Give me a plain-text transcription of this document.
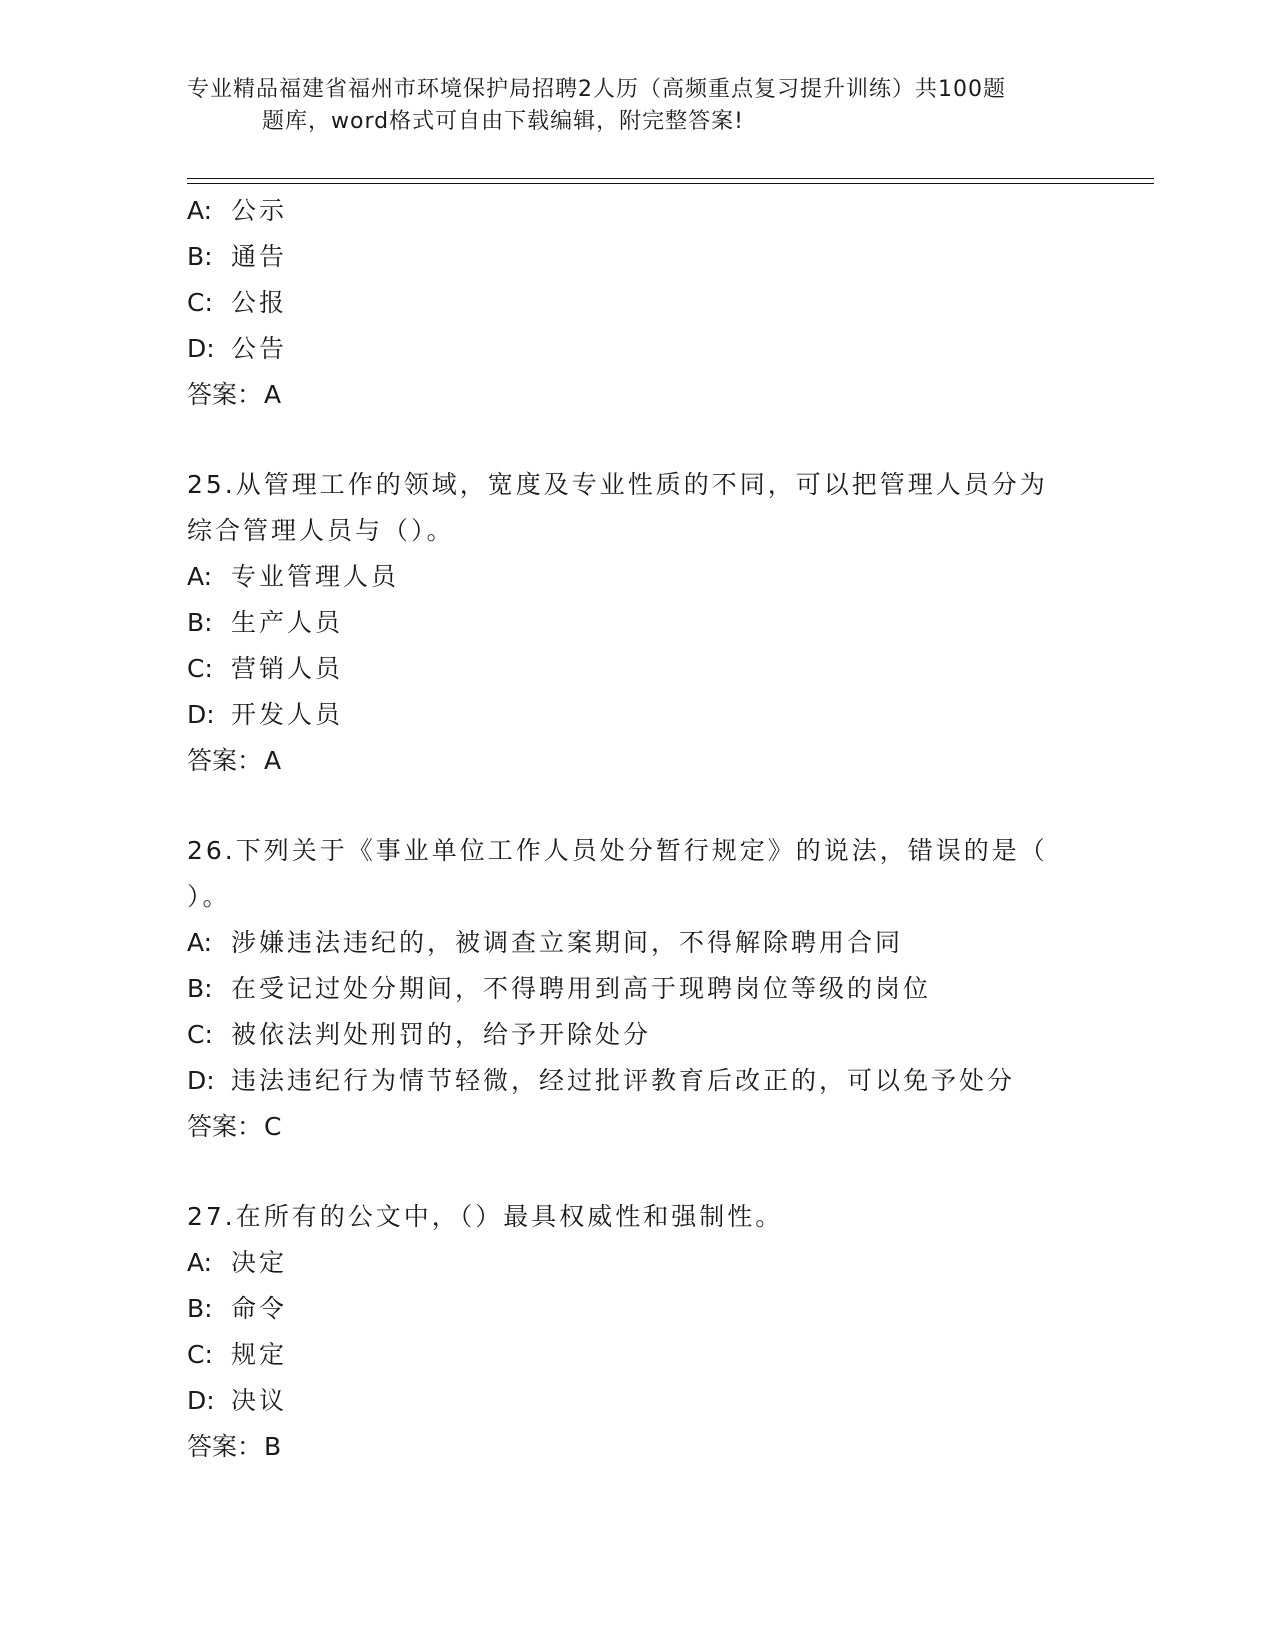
专业精品福建省福州市环境保护局招聘2人历（高频重点复习提升训练）共100题
题库，word格式可自由下载编辑，附完整答案!
A: 公示
B: 通告
C: 公报
D: 公告
答案：A
25.从管理工作的领域，宽度及专业性质的不同，可以把管理人员分为
综合管理人员与（）。
A: 专业管理人员
B: 生产人员
C: 营销人员
D: 开发人员
答案：A
26.下列关于《事业单位工作人员处分暂行规定》的说法，错误的是（
）。
A: 涉嫌违法违纪的，被调查立案期间，不得解除聘用合同
B: 在受记过处分期间，不得聘用到高于现聘岗位等级的岗位
C: 被依法判处刑罚的，给予开除处分
D: 违法违纪行为情节轻微，经过批评教育后改正的，可以免予处分
答案：C
27.在所有的公文中，（）最具权威性和强制性。
A: 决定
B: 命令
C: 规定
D: 决议
答案：B
